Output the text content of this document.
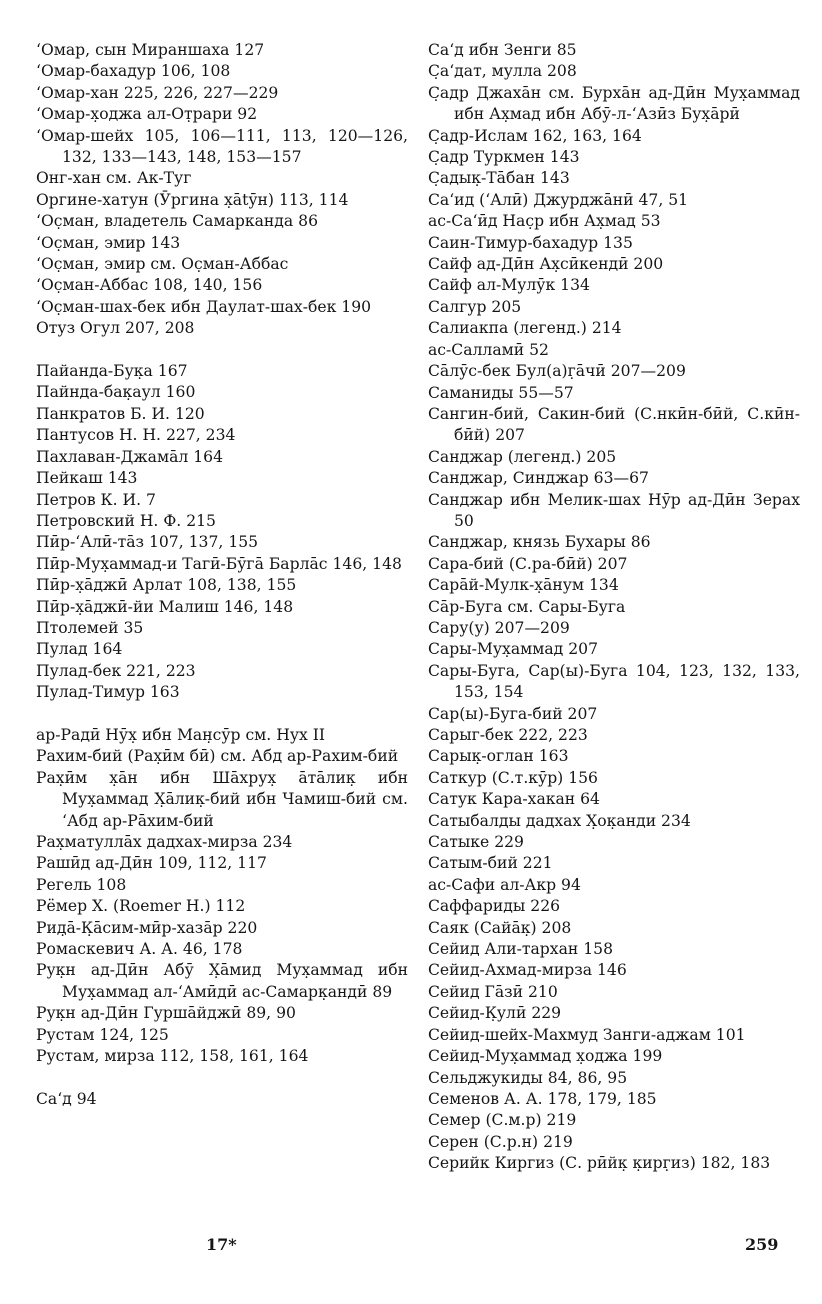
ʻОмар, сын Мираншаха 127

ʻОмар-бахадур 106, 108

ʻОмар-хан 225, 226, 227—229

ʻОмар-х̣оджа ал-От̣рари 92

ʻОмар-шейх 105, 106—111, 113, 120—126, 132, 133—143, 148, 153—157

Онг-хан см. Ак-Туг

Оргине-хатун (Ӯргина х̣ātӯн) 113, 114

ʻОс̣ман, владетель Самарканда 86

ʻОс̣ман, эмир 143

ʻОс̣ман, эмир см. Ос̣ман-Аббас

ʻОс̣ман-Аббас 108, 140, 156

ʻОс̣ман-шах-бек ибн Даулат-шах-бек 190

Отуз Огул 207, 208

Пайанда-Бук̣а 167

Пайнда-бак̣аул 160

Панкратов Б. И. 120

Пантусов Н. Н. 227, 234

Пахлаван-Джамāл 164

Пейкаш 143

Петров К. И. 7

Петровский Н. Ф. 215

Пӣр-ʻАлӣ-тāз 107, 137, 155

Пӣр-Мух̣аммад-и Тагӣ-Бӯгā Барлāс 146, 148

Пӣр-х̣āджӣ Арлат 108, 138, 155

Пӣр-х̣āджӣ-йи Малиш 146, 148

Птолемей 35

Пулад 164

Пулад-бек 221, 223

Пулад-Тимур 163

ар-Радӣ Нӯх̣ ибн Ман̣сӯр см. Нух II

Рахим-бий (Рах̣ӣм бӣ) см. Абд ар-Рахим-бий

Рах̣ӣм х̣āн ибн Шāхрух̣ āтāлик̣ ибн Мух̣аммад Х̣āлик̣-бий ибн Чамиш-бий см. ʻАбд ар-Рāхим-бий

Рах̣матуллāх дадхах-мирза 234

Рашӣд ад-Дӣн 109, 112, 117

Регель 108

Рёмер Х. (Roemer H.) 112

Рид̣ā-К̣āсим-мӣр-хазāр 220

Ромаскевич А. А. 46, 178

Рук̣н ад-Дӣн Абӯ Х̣āмид Мух̣аммад ибн Мух̣аммад ал-ʻАмӣдӣ ас-Самарк̣андӣ 89

Рук̣н ад-Дӣн Гуршāйджӣ 89, 90

Рустам 124, 125

Рустам, мирза 112, 158, 161, 164

Саʻд 94

Саʻд ибн Зенги 85

С̣аʻдат, мулла 208

С̣адр Джахāн см. Бурхāн ад-Дӣн Мух̣аммад ибн Ах̣мад ибн Абӯ-л-ʻАзӣз Бух̣āрӣ

С̣адр-Ислам 162, 163, 164

С̣адр Туркмен 143

С̣адык̣-Тāбан 143

Саʻид (ʻАлӣ) Джурджāнӣ 47, 51

ас-Саʻӣд Нас̣р ибн Ах̣мад 53

Саин-Тимур-бахадур 135

Сайф ад-Дӣн Ах̣сӣкендӣ 200

Сайф ал-Мулӯк 134

Салгур 205

Салиакпа (легенд.) 214

ас-Салламӣ 52

Сāлӯс-бек Бул(а)г̣āчӣ 207—209

Саманиды 55—57

Сангин-бий, Сакин-бий (С.нкӣн-бӣй, С.кӣн-бӣй) 207

Санджар (легенд.) 205

Санджар, Синджар 63—67

Санджар ибн Мелик-шах Нӯр ад-Дӣн Зерах 50

Санджар, князь Бухары 86

Сара-бий (С.ра-бӣй) 207

Сарāй-Мулк-х̣āнум 134

Сāр-Буга см. Сары-Буга

Сару(у) 207—209

Сары-Мух̣аммад 207

Сары-Буга, Сар(ы)-Буга 104, 123, 132, 133, 153, 154

Сар(ы)-Буга-бий 207

Сарыг-бек 222, 223

Сарык̣-оглан 163

Саткур (С.т.кӯр) 156

Сатук Кара-хакан 64

Сатыбалды дадхах Х̣ок̣анди 234

Сатыке 229

Сатым-бий 221

ас-Сафи ал-Акр 94

Саффариды 226

Саяк (Сайāк̣) 208

Сейид Али-тархан 158

Сейид-Ахмад-мирза 146

Сейид Гāзӣ 210

Сейид-К̣улӣ 229

Сейид-шейх-Махмуд Занги-аджам 101

Сейид-Мух̣аммад х̣оджа 199

Сельджукиды 84, 86, 95

Семенов А. А. 178, 179, 185

Семер (С.м.р) 219

Серен (С.р.н) 219

Серийк Киргиз (С. рӣйк̣ к̣ирг̣из) 182, 183

17*	259
